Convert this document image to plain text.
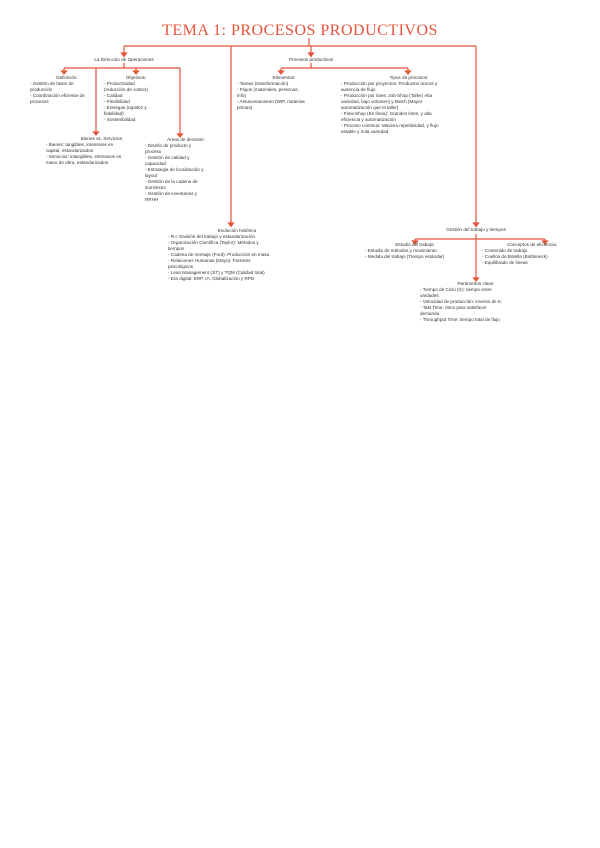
TEMA 1: PROCESOS PRODUCTIVOS
La Dirección de Operaciones
Definición:
- Gestión de fases de
producción
- Coordinación eficiente de
procesos
Objetivos:
- Productividad
(reducción de costes)
- Calidad
- Flexibilidad
- Entregas (rapidez y
fiabilidad)
- Sostenibilidad
Bienes vs. Servicios:
- Bienes: tangibles, intensivos en
capital, estandarizados
- Servicios: intangibles, intensivos en
mano de obra, estandarizados
Áreas de decisión:
- Diseño de producto y
proceso
- Gestión de calidad y
capacidad
- Estrategia de localización y
layout
- Gestión de la cadena de
suministro
- Gestión de inventarios y
RRHH
Evolución histórica
- R.I: División del trabajo y estandarización
- Organización Científica (Taylor): Métodos y
tiempos
- Cadena de montaje (Ford): Producción en masa
- Relaciones Humanas (Mayo): Factores
psicológicos
- Lean Management (JIT) y TQM (Calidad total)
- Era digital: ERP, IA, Globalización y RPD
Procesos productivos
Elementos:
- Tareas (transformación)
- Flujos (materiales, personas,
info)
- Almacenamiento (WIP, materias
primas)
Tipos de procesos:
- Producción por proyectos: Productos únicos y
ausencia de flujo
- Producción por lotes: Job-Shop (Taller) Alta
variedad, bajo volumen) y Batch (Mayor
automatización que el taller)
- Flow-Shop (En línea): Grandes lotes, y alta
eficiencia y automatización
- Proceso continuo: Máxima repetitividad, y flujo
estable y nula variedad
Gestión del trabajo y tiempos
Estudio del trabajo:
- Estudio de métodos y movimiento
- Medida del trabajo (Tiempo estándar)
Conceptos de eficiencia:
- Contenido de trabajo
- Cuellos de Botella (Bottleneck)
- Equilibrado de líneas
Parámetros clave:
- Tiempo de Ciclo (tc): tiempo entre
unidades
- Velocidad de producción: inverso de tc
- Takt Time: ritmo para satisfacer
demanda
- Throughput Time: tiempo total de flujo
